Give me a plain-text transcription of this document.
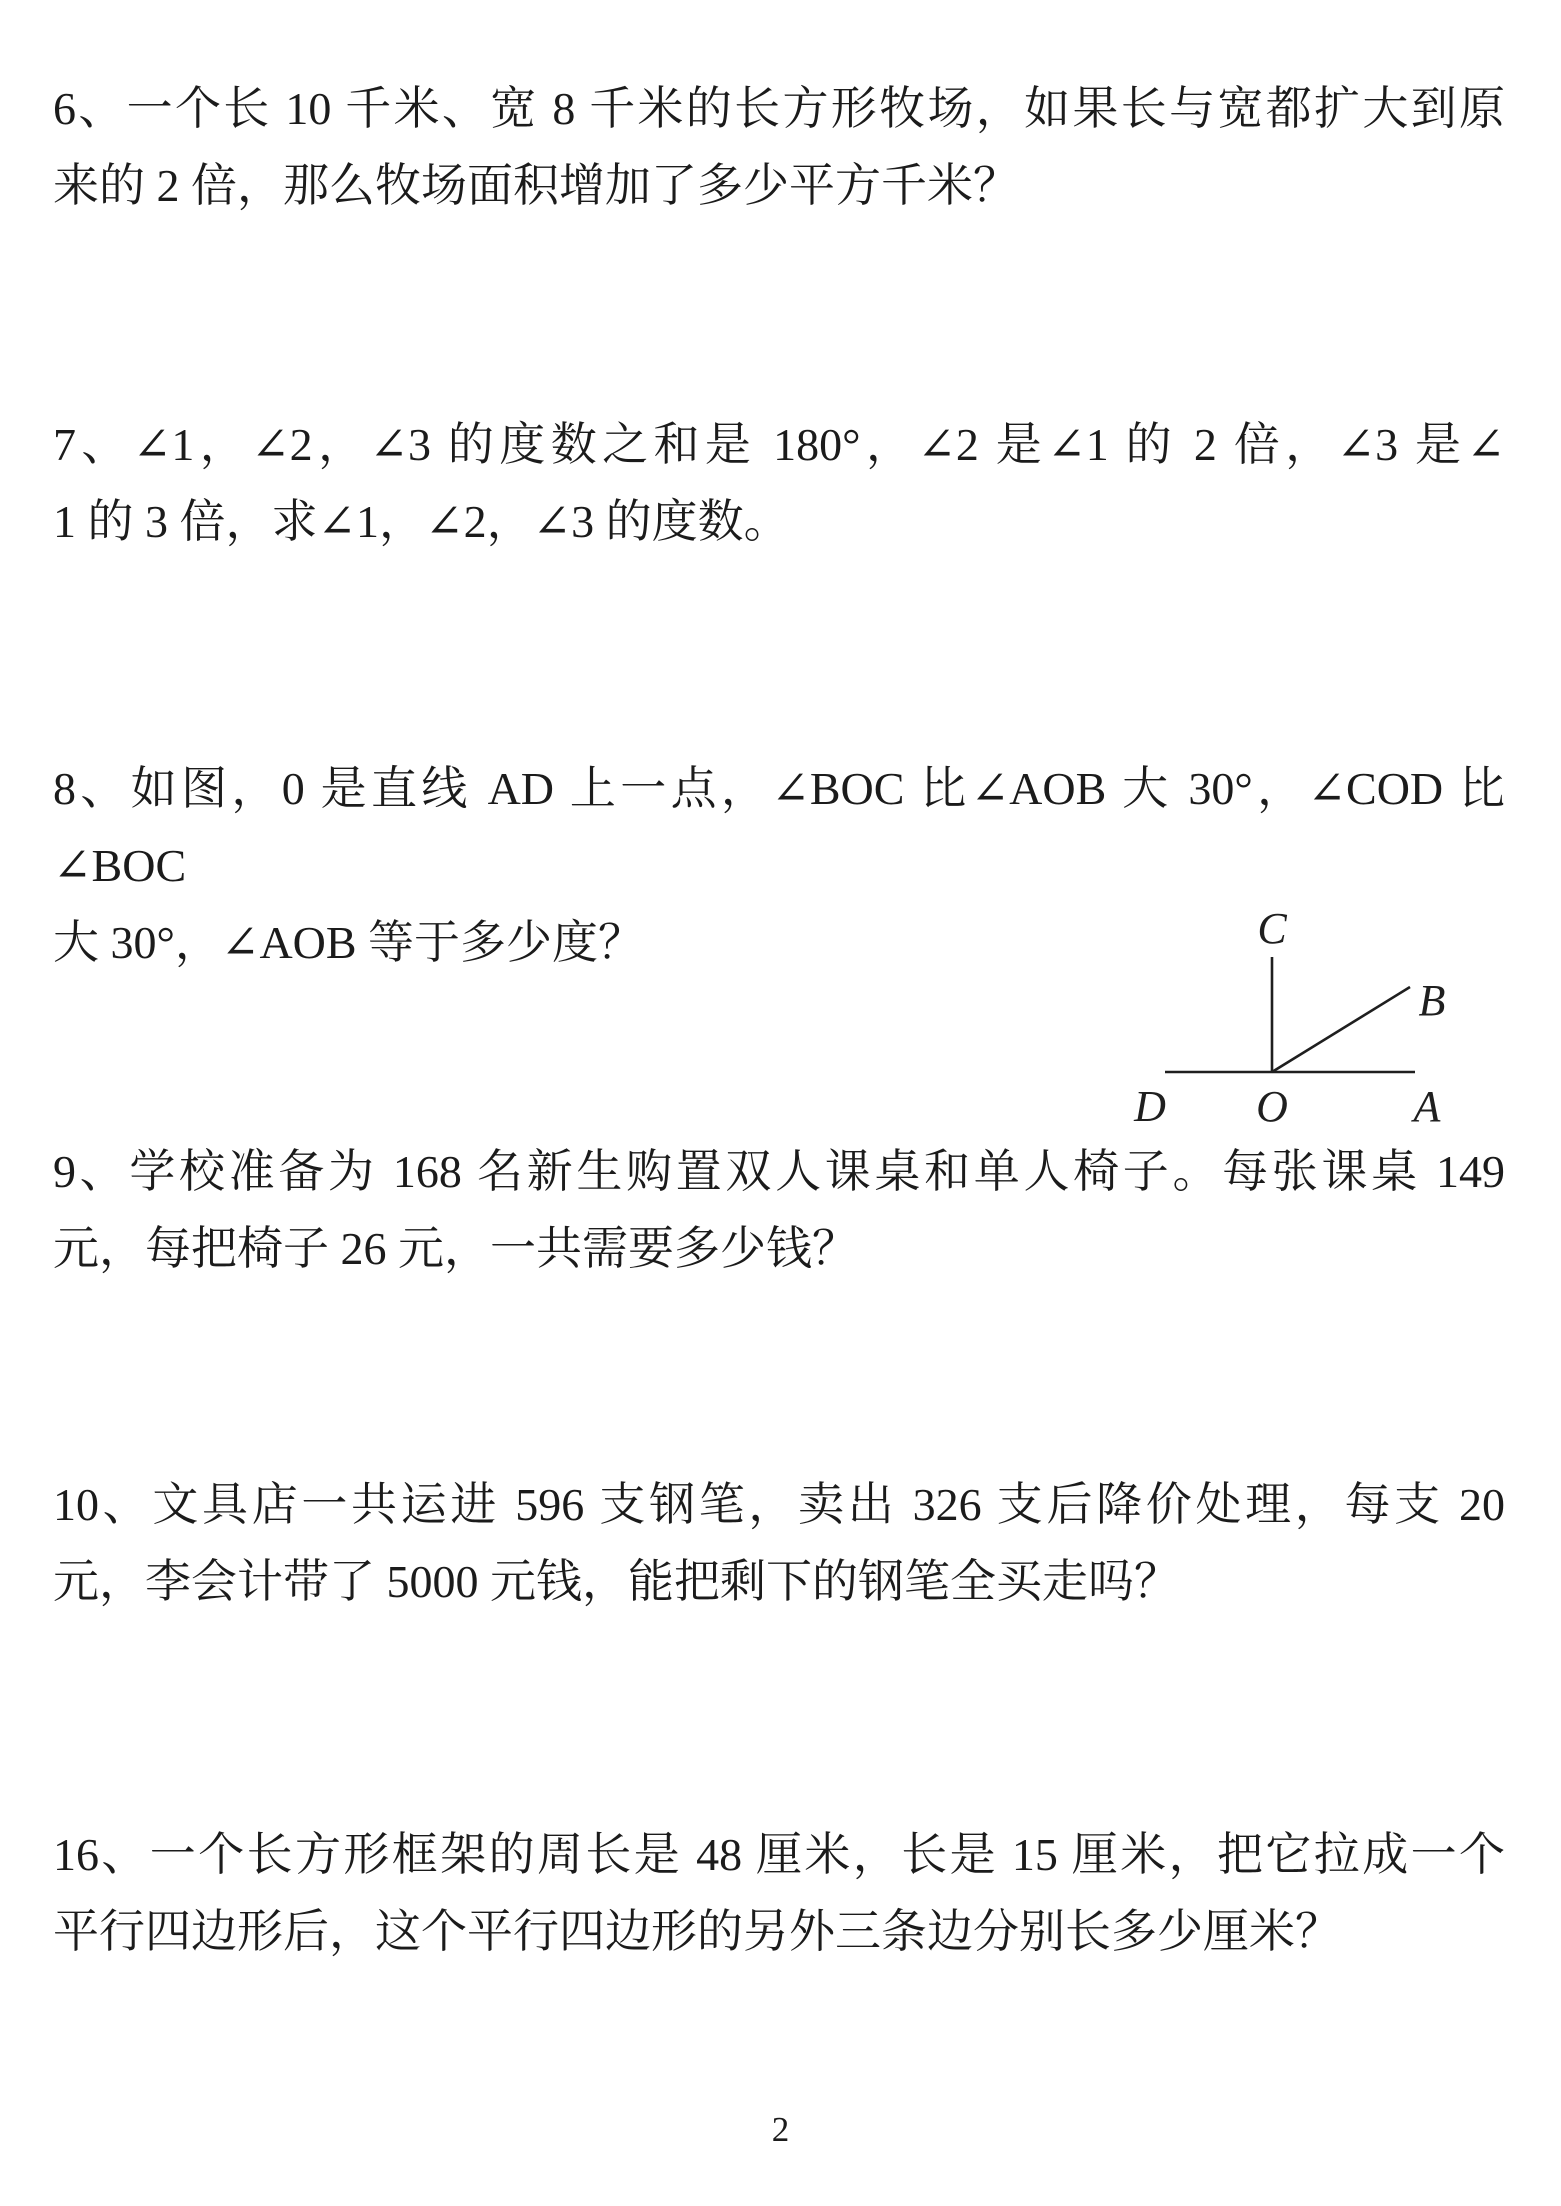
6、一个长 10 千米、宽 8 千米的长方形牧场，如果长与宽都扩大到原
来的 2 倍，那么牧场面积增加了多少平方千米？
7、∠1，∠2，∠3 的度数之和是 180°，∠2 是∠1 的 2 倍，∠3 是∠
1 的 3 倍，求∠1，∠2，∠3 的度数。
8、如图，0 是直线 AD 上一点，∠BOC 比∠AOB 大 30°，∠COD 比∠BOC
大 30°，∠AOB 等于多少度？	C
B
D O	A
9、学校准备为 168 名新生购置双人课桌和单人椅子。每张课桌 149
元，每把椅子 26 元，一共需要多少钱？
10、文具店一共运进 596 支钢笔，卖出 326 支后降价处理，每支 20
元，李会计带了 5000 元钱，能把剩下的钢笔全买走吗？
16、一个长方形框架的周长是 48 厘米，长是 15 厘米，把它拉成一个
平行四边形后，这个平行四边形的另外三条边分别长多少厘米？
2
